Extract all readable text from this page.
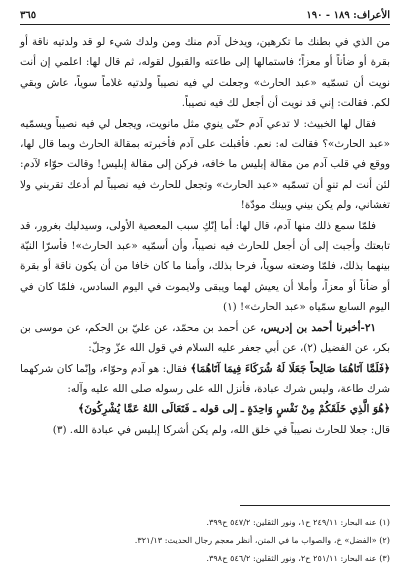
الأعراف: ١٨٩ - ١٩٠
٣٦٥

من الذي في بطنك ما تكرهين، ويدخل آدم منك ومن ولدك شيء لو قد ولدتيه ناقة أو بقرة أو ضأناً أو معزاً؛ فاستمالها إلى طاعته والقبول لقوله، ثم قال لها: اعلمي إن أنت نويت أن تسمّيه «عبد الحارث» وجعلت لي فيه نصيباً ولدتيه غلاماً سوياً، عاش وبقي لكم. فقالت: إني قد نويت أن أجعل لك فيه نصيباً.

فقال لها الخبيث: لا تدعي آدم حتّى ينوي مثل مانويت، ويجعل لي فيه نصيباً ويسمّيه «عبد الحارث»؟ فقالت له: نعم. فأقبلت على آدم فأخبرته بمقالة الحارث وبما قال لها، ووقع في قلب آدم من مقالة إبليس ما خافه، فركن إلى مقالة إبليس! وقالت حوّاء لآدم: لئن أنت لم تنوِ أن تسمّيه «عبد الحارث» وتجعل للحارث فيه نصيباً لم أدعك تقربني ولا تغشاني، ولم يكن بيني وبينك مودّة!

فلمّا سمع ذلك منها آدم، قال لها: أما إنّكِ سبب المعصية الأولى، وسيدليك بغرور، قد تابعتك وأجبت إلى أن أجعل للحارث فيه نصيباً، وأن أسمّيه «عبد الحارث»! فأسرّا النيّة بينهما بذلك، فلمّا وضعته سوياً، فرحا بذلك، وأمنا ما كان خافا من أن يكون ناقة أو بقرة أو ضأناً أو معزاً، وأملا أن يعيش لهما ويبقى ولايموت في اليوم السادس، فلمّا كان في اليوم السابع سمّياه «عبد الحارث»! (١)

٢١-أخبرنا أحمد بن إدريس، عن أحمد بن محمّد، عن عليّ بن الحكم، عن موسى بن بكر، عن الفضيل (٢)، عن أبي جعفر عليه السلام في قول الله عزّ وجلّ:

﴿فَلَمَّا آتَاهُمَا صَالِحاً جَعَلَا لَهُ شُرَكَاءَ فِيمَا آتَاهُمَا﴾ فقال: هو آدم وحوّاء، وإنّما كان شركهما شرك طاعة، وليس شرك عبادة، فأنزل الله على رسوله صلى الله عليه وآله:

﴿هُوَ الَّذِي خَلَقَكُمْ مِنْ نَفْسٍ وَاحِدَةٍ ـ إلى قوله ـ فَتَعَالَى اللهُ عَمَّا يُشْرِكُونَ﴾

قال: جعلا للحارث نصيباً في خلق الله، ولم يكن أشركا إبليس في عبادة الله. (٣)

(١) عنه البحار: ٢٤٩/١١ ح١، ونور الثقلين: ٥٤٧/٢ ح٣٩٩.
(٢) «الفضل» خ، والصواب ما في المتن، أنظر معجم رجال الحديث: ٣٢١/١٣.
(٣) عنه البحار: ٢٥١/١١ ح٢، ونور الثقلين: ٥٤٦/٢ ح٣٩٨.
